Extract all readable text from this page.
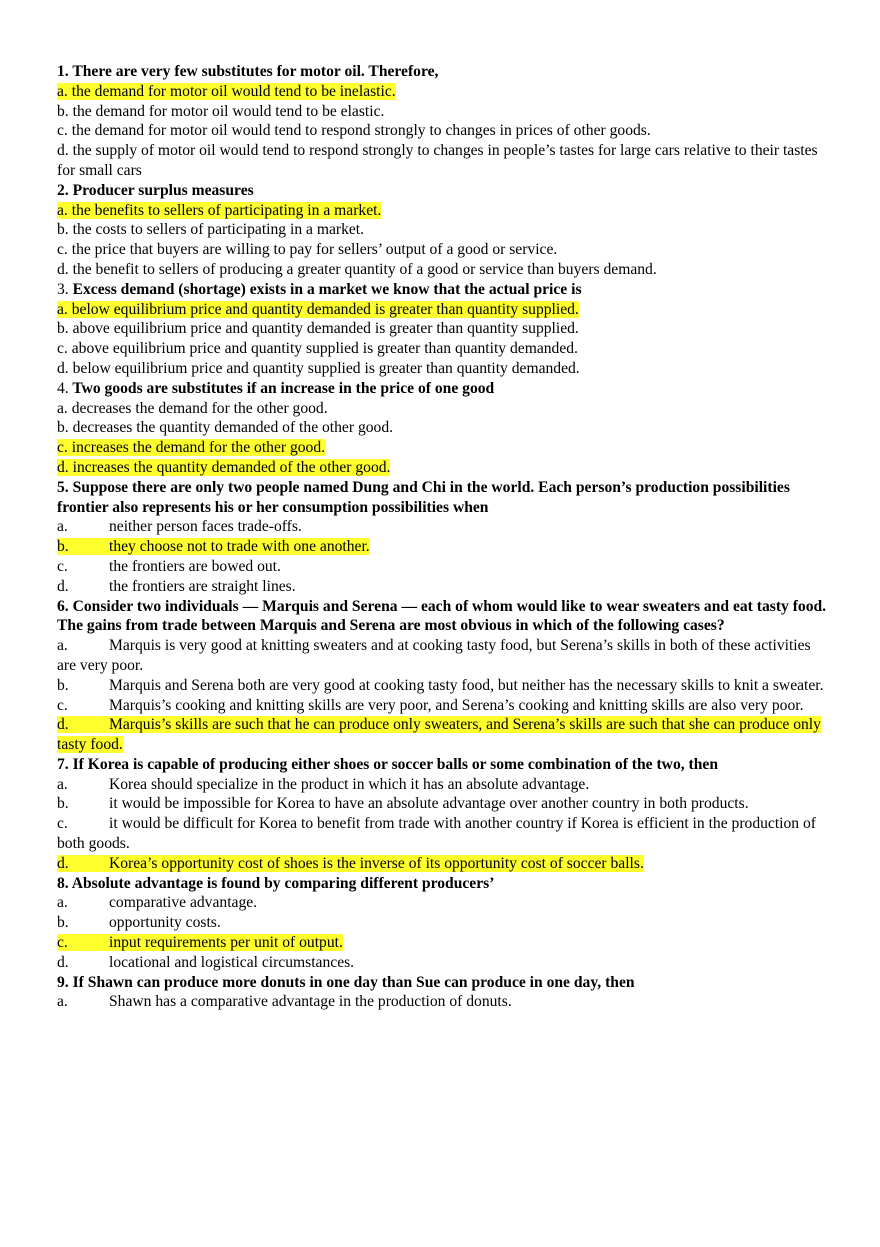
1. There are very few substitutes for motor oil. Therefore,

a. the demand for motor oil would tend to be inelastic.

b. the demand for motor oil would tend to be elastic.

c. the demand for motor oil would tend to respond strongly to changes in prices of other goods.

d. the supply of motor oil would tend to respond strongly to changes in people’s tastes for large cars relative to their tastes for small cars

2. Producer surplus measures

a. the benefits to sellers of participating in a market.

b. the costs to sellers of participating in a market.

c. the price that buyers are willing to pay for sellers’ output of a good or service.

d. the benefit to sellers of producing a greater quantity of a good or service than buyers demand.

3. Excess demand (shortage) exists in a market we know that the actual price is

a. below equilibrium price and quantity demanded is greater than quantity supplied.

b. above equilibrium price and quantity demanded is greater than quantity supplied.

c. above equilibrium price and quantity supplied is greater than quantity demanded.

d. below equilibrium price and quantity supplied is greater than quantity demanded.

4. Two goods are substitutes if an increase in the price of one good

a. decreases the demand for the other good.

b. decreases the quantity demanded of the other good.

c. increases the demand for the other good.

d. increases the quantity demanded of the other good.

5. Suppose there are only two people named Dung and Chi in the world. Each person’s production possibilities frontier also represents his or her consumption possibilities when

a.	neither person faces trade-offs.

b.	they choose not to trade with one another.

c.	the frontiers are bowed out.

d.	the frontiers are straight lines.

6. Consider two individuals — Marquis and Serena — each of whom would like to wear sweaters and eat tasty food. The gains from trade between Marquis and Serena are most obvious in which of the following cases?

a.	Marquis is very good at knitting sweaters and at cooking tasty food, but Serena’s skills in both of these activities are very poor.

b.	Marquis and Serena both are very good at cooking tasty food, but neither has the necessary skills to knit a sweater.

c.	Marquis’s cooking and knitting skills are very poor, and Serena’s cooking and knitting skills are also very poor.

d.	Marquis’s skills are such that he can produce only sweaters, and Serena’s skills are such that she can produce only tasty food.

7. If Korea is capable of producing either shoes or soccer balls or some combination of the two, then

a.	Korea should specialize in the product in which it has an absolute advantage.

b.	it would be impossible for Korea to have an absolute advantage over another country in both products.

c.	it would be difficult for Korea to benefit from trade with another country if Korea is efficient in the production of both goods.

d.	Korea’s opportunity cost of shoes is the inverse of its opportunity cost of soccer balls.

8. Absolute advantage is found by comparing different producers’

a.	comparative advantage.

b.	opportunity costs.

c.	input requirements per unit of output.

d.	locational and logistical circumstances.

9. If Shawn can produce more donuts in one day than Sue can produce in one day, then

a.	Shawn has a comparative advantage in the production of donuts.
